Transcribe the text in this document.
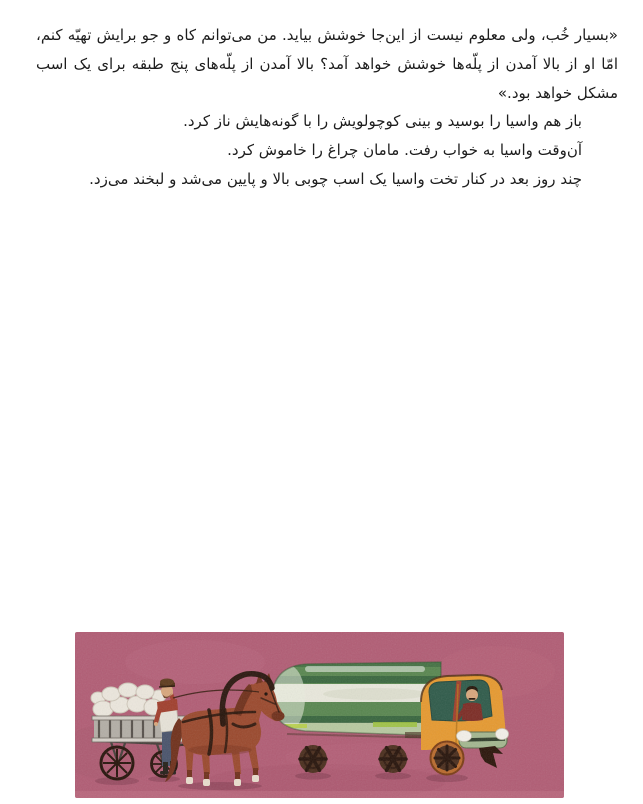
«بسیار خُب، ولی معلوم نیست از این‌جا خوشش بیاید. من می‌توانم کاه و جو برایش تهیّه کنم،

امّا او از بالا آمدن از پلّه‌ها خوشش خواهد آمد؟ بالا آمدن از پلّه‌های پنج طبقه برای یک اسب

مشکل خواهد بود.»

باز هم واسیا را بوسید و بینی کوچولویش را با گونه‌هایش ناز کرد.

آن‌وقت واسیا به خواب رفت. مامان چراغ را خاموش کرد.

چند روز بعد در کنار تخت واسیا یک اسب چوبی بالا و پایین می‌شد و لبخند می‌زد.
